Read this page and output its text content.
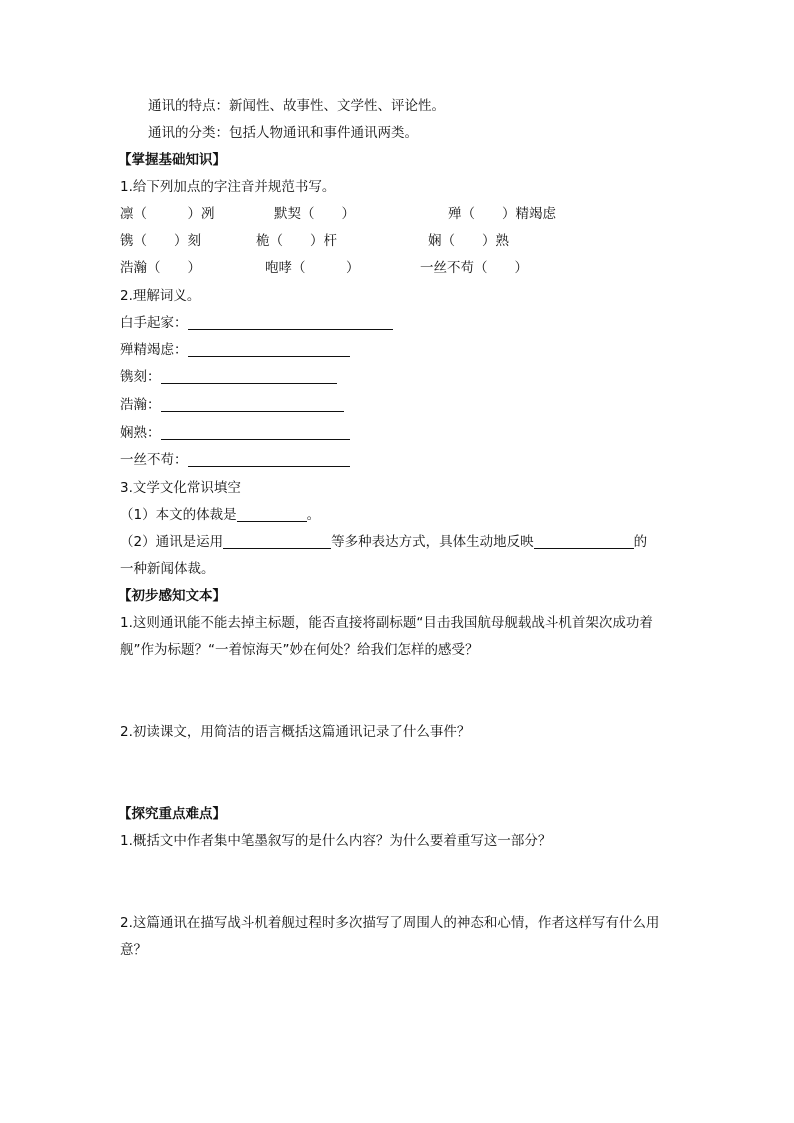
通讯的特点：新闻性、故事性、文学性、评论性。
通讯的分类：包括人物通讯和事件通讯两类。
【掌握基础知识】
1.给下列加点的字注音并规范书写。
凛（　　　）冽	默契（　　）	殚（　　）精竭虑
镌（　　）刻	桅（　　）杆	娴（　　）熟
浩瀚（　　）	咆哮（　　　）	一丝不苟（　　）
2.理解词义。
白手起家：
殚精竭虑：
镌刻：
浩瀚：
娴熟：
一丝不苟：
3.文学文化常识填空
（1）本文的体裁是	。
（2）通讯是运用	等多种表达方式，具体生动地反映	的
一种新闻体裁。
【初步感知文本】
1.这则通讯能不能去掉主标题，能否直接将副标题“目击我国航母舰载战斗机首架次成功着
舰”作为标题？“一着惊海天”妙在何处？给我们怎样的感受？
2.初读课文，用简洁的语言概括这篇通讯记录了什么事件？
【探究重点难点】
1.概括文中作者集中笔墨叙写的是什么内容？为什么要着重写这一部分？
2.这篇通讯在描写战斗机着舰过程时多次描写了周围人的神态和心情，作者这样写有什么用
意？
